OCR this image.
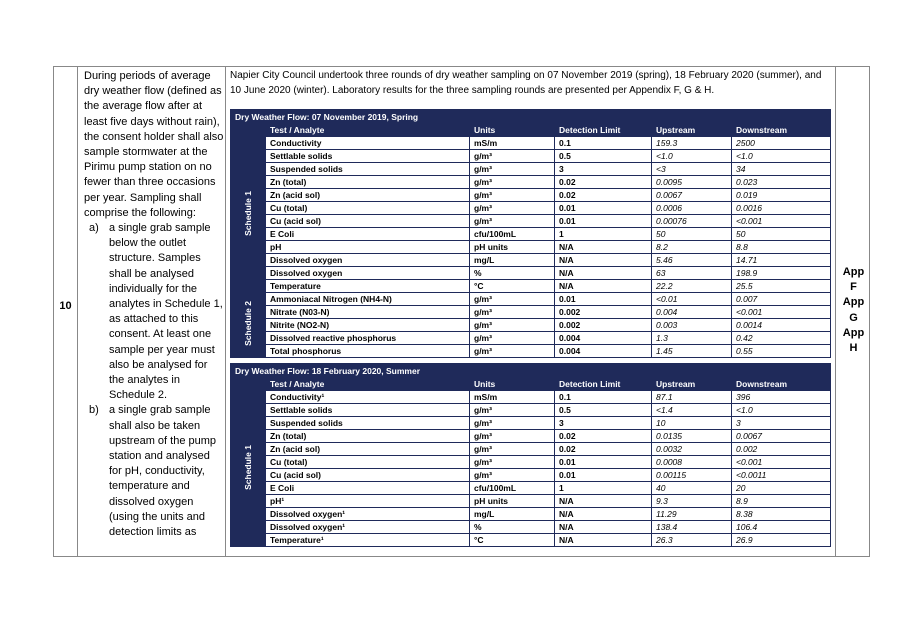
10

During periods of average dry weather flow (defined as the average flow after at least five days without rain), the consent holder shall also sample stormwater at the Pirimu pump station on no fewer than three occasions per year. Sampling shall comprise the following:

a) a single grab sample below the outlet structure. Samples shall be analysed individually for the analytes in Schedule 1, as attached to this consent. At least one sample per year must also be analysed for the analytes in Schedule 2.
b) a single grab sample shall also be taken upstream of the pump station and analysed for pH, conductivity, temperature and dissolved oxygen (using the units and detection limits as
Napier City Council undertook three rounds of dry weather sampling on 07 November 2019 (spring), 18 February 2020 (summer), and 10 June 2020 (winter). Laboratory results for the three sampling rounds are presented per Appendix F, G & H.
Dry Weather Flow: 07 November 2019, Spring					
	Test / Analyte	Units	Detection Limit	Upstream	Downstream
Schedule 1	Conductivity	mS/m	0.1	159.3	2500
	Settlable solids	g/m³	0.5	<1.0	<1.0
	Suspended solids	g/m³	3	<3	34
	Zn (total)	g/m³	0.02	0.0095	0.023
	Zn (acid sol)	g/m³	0.02	0.0067	0.019
	Cu (total)	g/m³	0.01	0.0006	0.0016
	Cu (acid sol)	g/m³	0.01	0.00076	<0.001
	E Coli	cfu/100mL	1	50	50
	pH	pH units	N/A	8.2	8.8
	Dissolved oxygen	mg/L	N/A	5.46	14.71
	Dissolved oxygen	%	N/A	63	198.9
	Temperature	°C	N/A	22.2	25.5
Schedule 2	Ammoniacal Nitrogen (NH4-N)	g/m³	0.01	<0.01	0.007
	Nitrate (N03-N)	g/m³	0.002	0.004	<0.001
	Nitrite (NO2-N)	g/m³	0.002	0.003	0.0014
	Dissolved reactive phosphorus	g/m³	0.004	1.3	0.42
	Total phosphorus	g/m³	0.004	1.45	0.55
Dry Weather Flow: 18 February 2020, Summer					
	Test / Analyte	Units	Detection Limit	Upstream	Downstream
Schedule 1	Conductivity¹	mS/m	0.1	87.1	396
	Settlable solids	g/m³	0.5	<1.4	<1.0
	Suspended solids	g/m³	3	10	3
	Zn (total)	g/m³	0.02	0.0135	0.0067
	Zn (acid sol)	g/m³	0.02	0.0032	0.002
	Cu (total)	g/m³	0.01	0.0008	<0.001
	Cu (acid sol)	g/m³	0.01	0.00115	<0.0011
	E Coli	cfu/100mL	1	40	20
	pH¹	pH units	N/A	9.3	8.9
	Dissolved oxygen¹	mg/L	N/A	11.29	8.38
	Dissolved oxygen¹	%	N/A	138.4	106.4
	Temperature¹	°C	N/A	26.3	26.9
App
F
App
G
App
H
